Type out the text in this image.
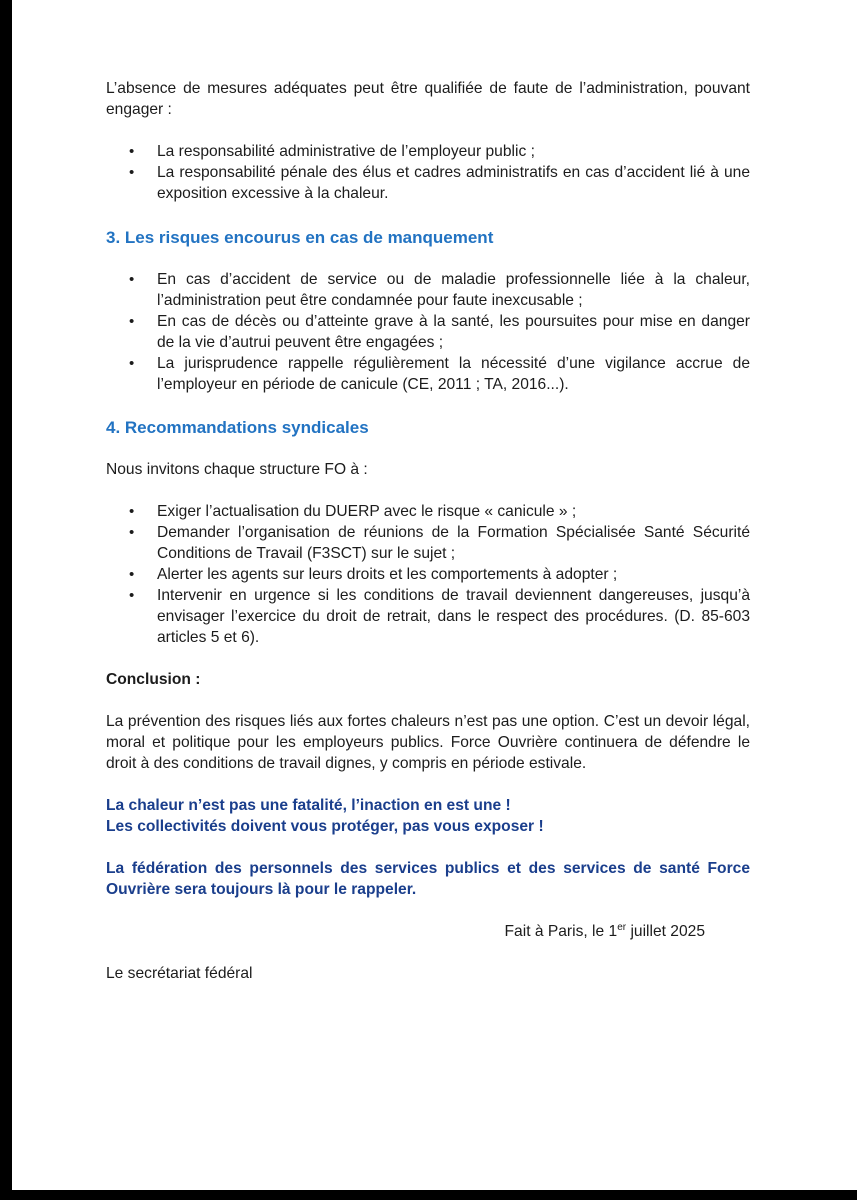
L’absence de mesures adéquates peut être qualifiée de faute de l’administration, pouvant engager :

• La responsabilité administrative de l’employeur public ;
• La responsabilité pénale des élus et cadres administratifs en cas d’accident lié à une exposition excessive à la chaleur.

3. Les risques encourus en cas de manquement

• En cas d’accident de service ou de maladie professionnelle liée à la chaleur, l’administration peut être condamnée pour faute inexcusable ;
• En cas de décès ou d’atteinte grave à la santé, les poursuites pour mise en danger de la vie d’autrui peuvent être engagées ;
• La jurisprudence rappelle régulièrement la nécessité d’une vigilance accrue de l’employeur en période de canicule (CE, 2011 ; TA, 2016...).

4. Recommandations syndicales

Nous invitons chaque structure FO à :

• Exiger l’actualisation du DUERP avec le risque « canicule » ;
• Demander l’organisation de réunions de la Formation Spécialisée Santé Sécurité Conditions de Travail (F3SCT) sur le sujet ;
• Alerter les agents sur leurs droits et les comportements à adopter ;
• Intervenir en urgence si les conditions de travail deviennent dangereuses, jusqu’à envisager l’exercice du droit de retrait, dans le respect des procédures. (D. 85-603 articles 5 et 6).

Conclusion :

La prévention des risques liés aux fortes chaleurs n’est pas une option. C’est un devoir légal, moral et politique pour les employeurs publics. Force Ouvrière continuera de défendre le droit à des conditions de travail dignes, y compris en période estivale.

La chaleur n’est pas une fatalité, l’inaction en est une !

Les collectivités doivent vous protéger, pas vous exposer !

La fédération des personnels des services publics et des services de santé Force Ouvrière sera toujours là pour le rappeler.

Fait à Paris, le 1er juillet 2025

Le secrétariat fédéral
